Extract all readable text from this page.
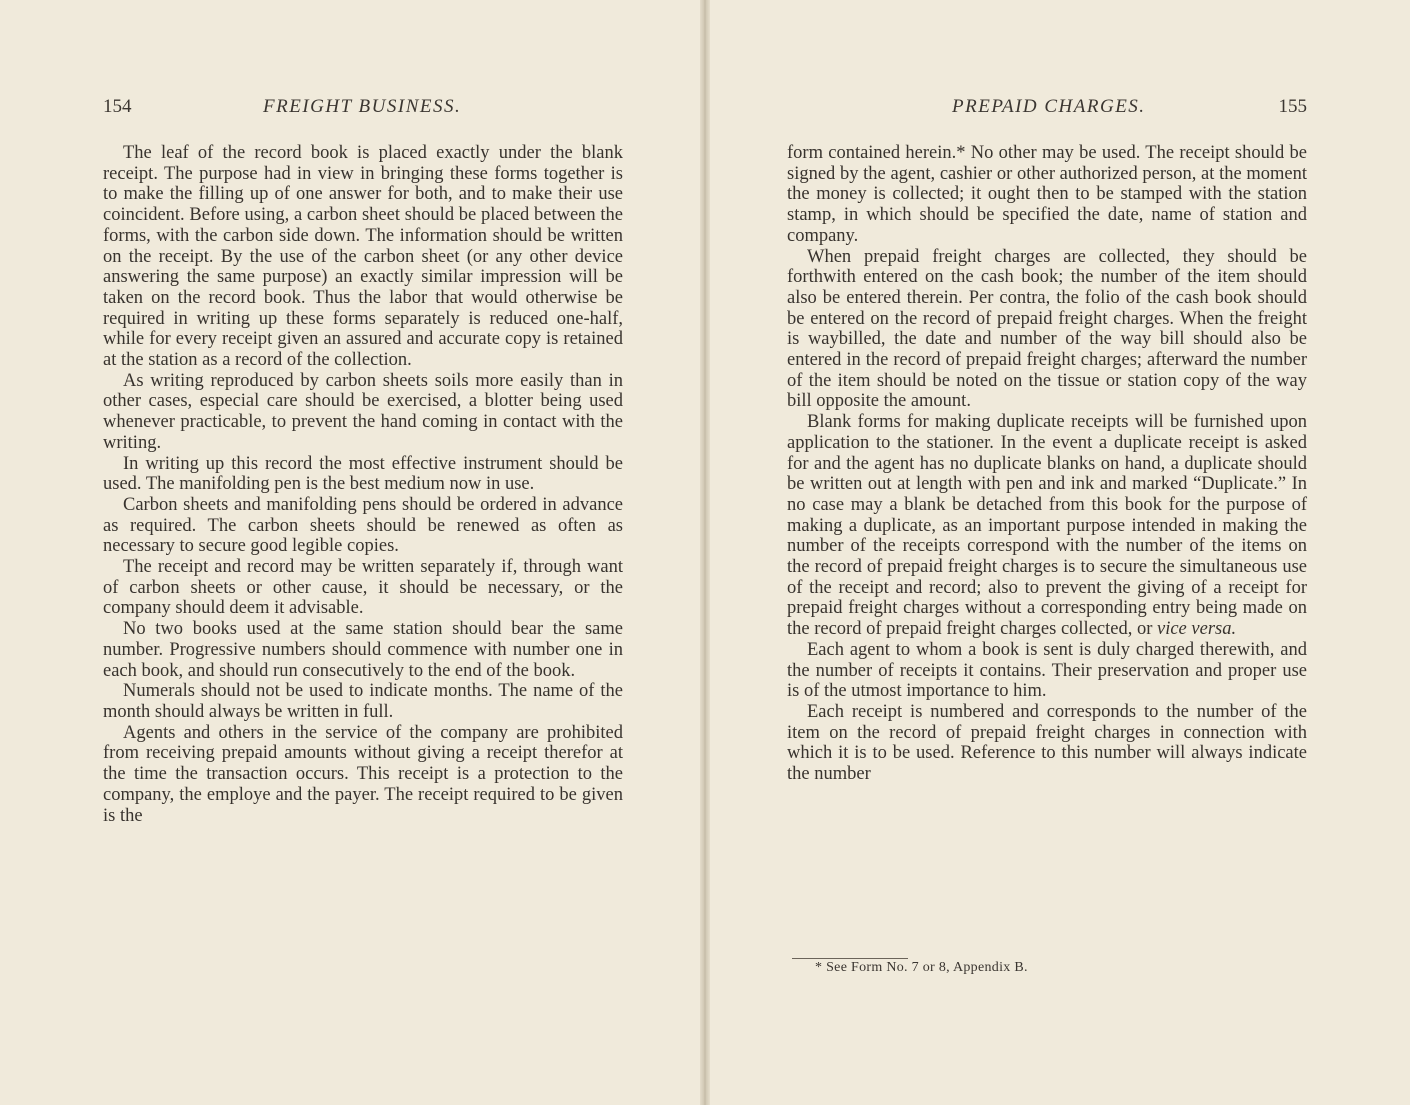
154	FREIGHT BUSINESS.	PREPAID CHARGES.	155

The leaf of the record book is placed exactly under the blank receipt. The purpose had in view in bringing these forms together is to make the filling up of one answer for both, and to make their use coincident. Before using, a carbon sheet should be placed between the forms, with the carbon side down. The information should be written on the receipt. By the use of the carbon sheet (or any other device answering the same purpose) an exactly similar impression will be taken on the record book. Thus the labor that would otherwise be required in writing up these forms separately is reduced one-half, while for every receipt given an assured and accurate copy is retained at the station as a record of the collection.

As writing reproduced by carbon sheets soils more easily than in other cases, especial care should be exercised, a blotter being used whenever practicable, to prevent the hand coming in contact with the writing.

In writing up this record the most effective instrument should be used. The manifolding pen is the best medium now in use.

Carbon sheets and manifolding pens should be ordered in advance as required. The carbon sheets should be renewed as often as necessary to secure good legible copies.

The receipt and record may be written separately if, through want of carbon sheets or other cause, it should be necessary, or the company should deem it advisable.

No two books used at the same station should bear the same number. Progressive numbers should commence with number one in each book, and should run consecutively to the end of the book.

Numerals should not be used to indicate months. The name of the month should always be written in full.

Agents and others in the service of the company are prohibited from receiving prepaid amounts without giving a receipt therefor at the time the transaction occurs. This receipt is a protection to the company, the employe and the payer. The receipt required to be given is the

form contained herein.* No other may be used. The receipt should be signed by the agent, cashier or other authorized person, at the moment the money is collected; it ought then to be stamped with the station stamp, in which should be specified the date, name of station and company.

When prepaid freight charges are collected, they should be forthwith entered on the cash book; the number of the item should also be entered therein. Per contra, the folio of the cash book should be entered on the record of prepaid freight charges. When the freight is waybilled, the date and number of the way bill should also be entered in the record of prepaid freight charges; afterward the number of the item should be noted on the tissue or station copy of the way bill opposite the amount.

Blank forms for making duplicate receipts will be furnished upon application to the stationer. In the event a duplicate receipt is asked for and the agent has no duplicate blanks on hand, a duplicate should be written out at length with pen and ink and marked “Duplicate.” In no case may a blank be detached from this book for the purpose of making a duplicate, as an important purpose intended in making the number of the receipts correspond with the number of the items on the record of prepaid freight charges is to secure the simultaneous use of the receipt and record; also to prevent the giving of a receipt for prepaid freight charges without a corresponding entry being made on the record of prepaid freight charges collected, or vice versa.

Each agent to whom a book is sent is duly charged therewith, and the number of receipts it contains. Their preservation and proper use is of the utmost importance to him.

Each receipt is numbered and corresponds to the number of the item on the record of prepaid freight charges in connection with which it is to be used. Reference to this number will always indicate the number

* See Form No. 7 or 8, Appendix B.
